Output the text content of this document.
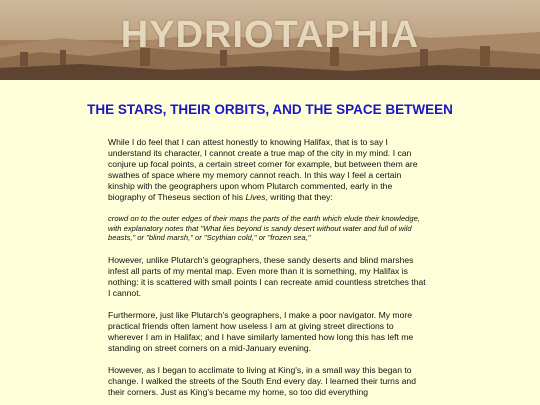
HYDRIOTAPHIA
THE STARS, THEIR ORBITS, AND THE SPACE BETWEEN

While I do feel that I can attest honestly to knowing Halifax, that is to say I understand its character, I cannot create a true map of the city in my mind. I can conjure up focal points, a certain street corner for example, but between them are swathes of space where my memory cannot reach. In this way I feel a certain kinship with the geographers upon whom Plutarch commented, early in the biography of Theseus section of his Lives, writing that they:

crowd on to the outer edges of their maps the parts of the earth which elude their knowledge, with explanatory notes that "What lies beyond is sandy desert without water and full of wild beasts," or "blind marsh," or "Scythian cold," or "frozen sea,"

However, unlike Plutarch's geographers, these sandy deserts and blind marshes infest all parts of my mental map. Even more than it is something, my Halifax is nothing: it is scattered with small points I can recreate amid countless stretches that I cannot.

Furthermore, just like Plutarch's geographers, I make a poor navigator. My more practical friends often lament how useless I am at giving street directions to wherever I am in Halifax; and I have similarly lamented how long this has left me standing on street corners on a mid-January evening.

However, as I began to acclimate to living at King's, in a small way this began to change. I walked the streets of the South End every day. I learned their turns and their corners. Just as King's became my home, so too did everything
